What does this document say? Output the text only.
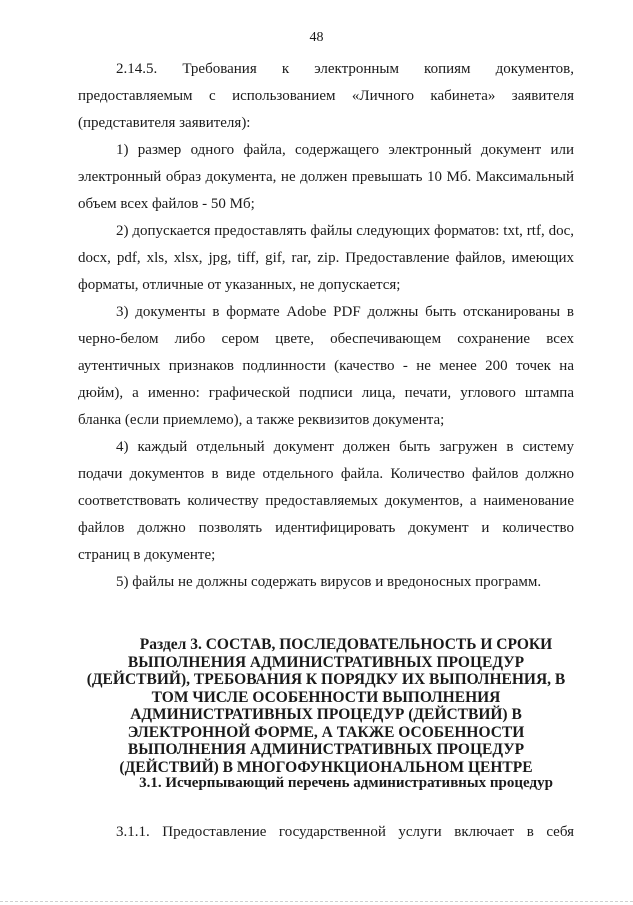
48

2.14.5. Требования к электронным копиям документов, предоставляемым с использованием «Личного кабинета» заявителя (представителя заявителя):

1) размер одного файла, содержащего электронный документ или электронный образ документа, не должен превышать 10 Мб. Максимальный объем всех файлов - 50 Мб;

2) допускается предоставлять файлы следующих форматов: txt, rtf, doc, docx, pdf, xls, xlsx, jpg, tiff, gif, rar, zip. Предоставление файлов, имеющих форматы, отличные от указанных, не допускается;

3) документы в формате Adobe PDF должны быть отсканированы в черно-белом либо сером цвете, обеспечивающем сохранение всех аутентичных признаков подлинности (качество - не менее 200 точек на дюйм), а именно: графической подписи лица, печати, углового штампа бланка (если приемлемо), а также реквизитов документа;

4) каждый отдельный документ должен быть загружен в систему подачи документов в виде отдельного файла. Количество файлов должно соответствовать количеству предоставляемых документов, а наименование файлов должно позволять идентифицировать документ и количество страниц в документе;

5) файлы не должны содержать вирусов и вредоносных программ.

Раздел 3. СОСТАВ, ПОСЛЕДОВАТЕЛЬНОСТЬ И СРОКИ
ВЫПОЛНЕНИЯ АДМИНИСТРАТИВНЫХ ПРОЦЕДУР (ДЕЙСТВИЙ), ТРЕБОВАНИЯ К ПОРЯДКУ ИХ ВЫПОЛНЕНИЯ, В ТОМ ЧИСЛЕ ОСОБЕННОСТИ ВЫПОЛНЕНИЯ АДМИНИСТРАТИВНЫХ ПРОЦЕДУР (ДЕЙСТВИЙ) В ЭЛЕКТРОННОЙ ФОРМЕ, А ТАКЖЕ ОСОБЕННОСТИ ВЫПОЛНЕНИЯ АДМИНИСТРАТИВНЫХ ПРОЦЕДУР (ДЕЙСТВИЙ) В МНОГОФУНКЦИОНАЛЬНОМ ЦЕНТРЕ
3.1. Исчерпывающий перечень административных процедур

3.1.1. Предоставление государственной услуги включает в себя
